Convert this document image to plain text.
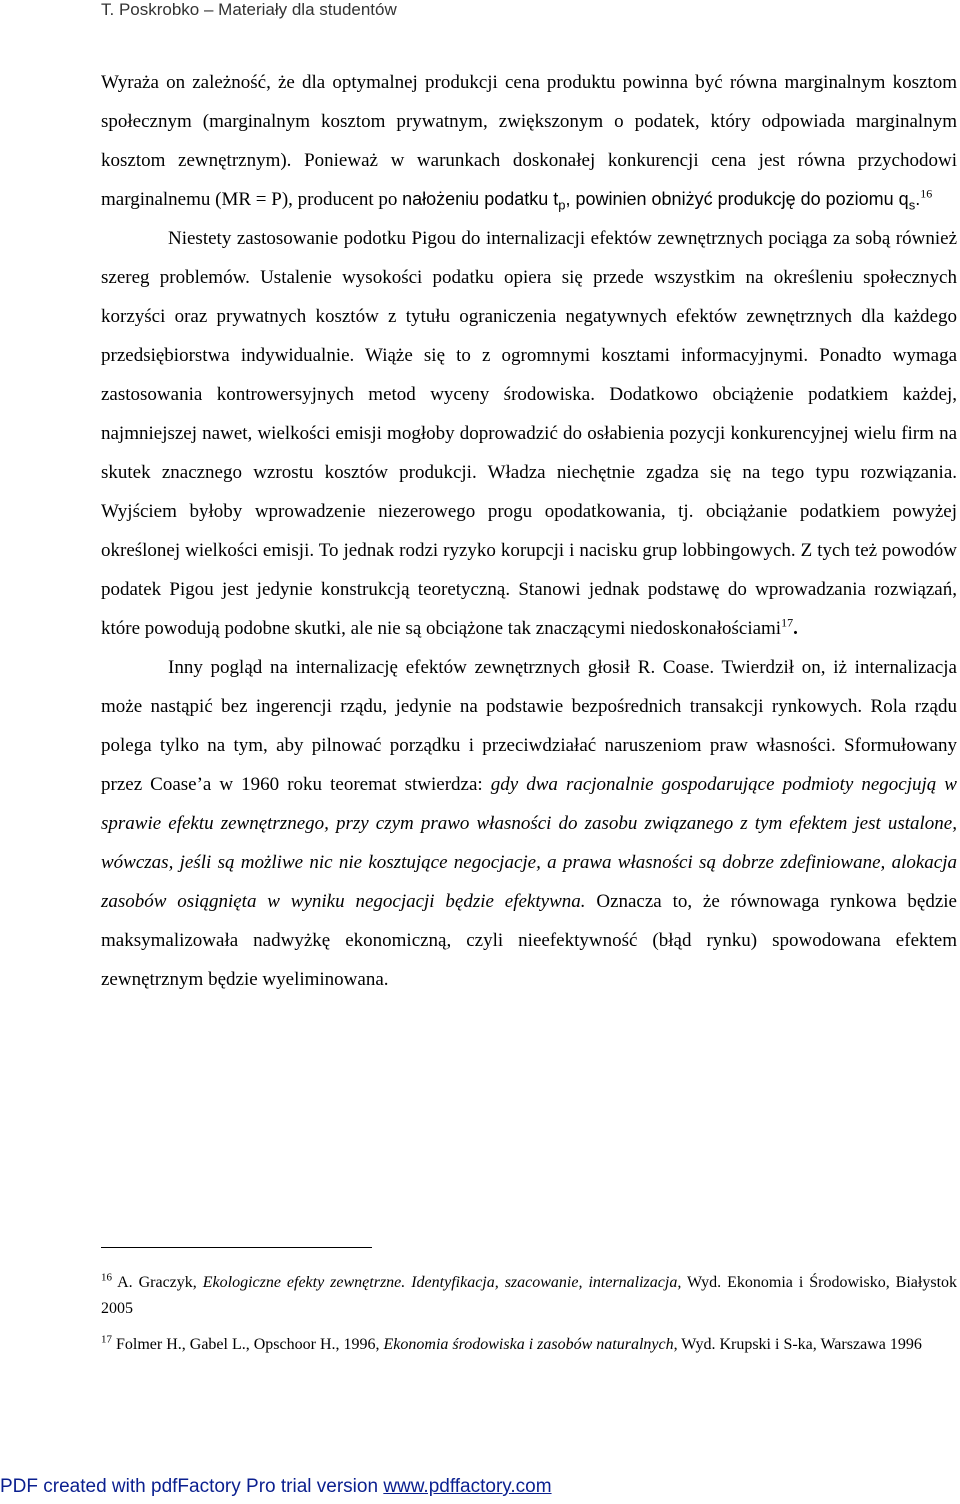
T. Poskrobko – Materiały dla studentów

Wyraża on zależność, że dla optymalnej produkcji cena produktu powinna być równa marginalnym kosztom społecznym (marginalnym kosztom prywatnym, zwiększonym o podatek, który odpowiada marginalnym kosztom zewnętrznym). Ponieważ w warunkach doskonałej konkurencji cena jest równa przychodowi marginalnemu (MR = P), producent po nałożeniu podatku $t_p$, powinien obniżyć produkcję do poziomu $q_s.^{16}$

Niestety zastosowanie podotku Pigou do internalizacji efektów zewnętrznych pociąga za sobą również szereg problemów. Ustalenie wysokości podatku opiera się przede wszystkim na określeniu społecznych korzyści oraz prywatnych kosztów z tytułu ograniczenia negatywnych efektów zewnętrznych dla każdego przedsiębiorstwa indywidualnie. Wiąże się to z ogromnymi kosztami informacyjnymi. Ponadto wymaga zastosowania kontrowersyjnych metod wyceny środowiska. Dodatkowo obciążenie podatkiem każdej, najmniejszej nawet, wielkości emisji mogłoby doprowadzić do osłabienia pozycji konkurencyjnej wielu firm na skutek znacznego wzrostu kosztów produkcji. Władza niechętnie zgadza się na tego typu rozwiązania. Wyjściem byłoby wprowadzenie niezerowego progu opodatkowania, tj. obciążanie podatkiem powyżej określonej wielkości emisji. To jednak rodzi ryzyko korupcji i nacisku grup lobbingowych. Z tych też powodów podatek Pigou jest jedynie konstrukcją teoretyczną. Stanowi jednak podstawę do wprowadzania rozwiązań, które powodują podobne skutki, ale nie są obciążone tak znaczącymi niedoskonałościami$^{17}$.

Inny pogląd na internalizację efektów zewnętrznych głosił R. Coase. Twierdził on, iż internalizacja może nastąpić bez ingerencji rządu, jedynie na podstawie bezpośrednich transakcji rynkowych. Rola rządu polega tylko na tym, aby pilnować porządku i przeciwdziałać naruszeniom praw własności. Sformułowany przez Coase’a w 1960 roku teoremat stwierdza: gdy dwa racjonalnie gospodarujące podmioty negocjują w sprawie efektu zewnętrznego, przy czym prawo własności do zasobu związanego z tym efektem jest ustalone, wówczas, jeśli są możliwe nic nie kosztujące negocjacje, a prawa własności są dobrze zdefiniowane, alokacja zasobów osiągnięta w wyniku negocjacji będzie efektywna. Oznacza to, że równowaga rynkowa będzie maksymalizowała nadwyżkę ekonomiczną, czyli nieefektywność (błąd rynku) spowodowana efektem zewnętrznym będzie wyeliminowana.

$^{16}$ A. Graczyk, Ekologiczne efekty zewnętrzne. Identyfikacja, szacowanie, internalizacja, Wyd. Ekonomia i Środowisko, Białystok 2005

$^{17}$ Folmer H., Gabel L., Opschoor H., 1996, Ekonomia środowiska i zasobów naturalnych, Wyd. Krupski i S-ka, Warszawa 1996

PDF created with pdfFactory Pro trial version www.pdffactory.com
